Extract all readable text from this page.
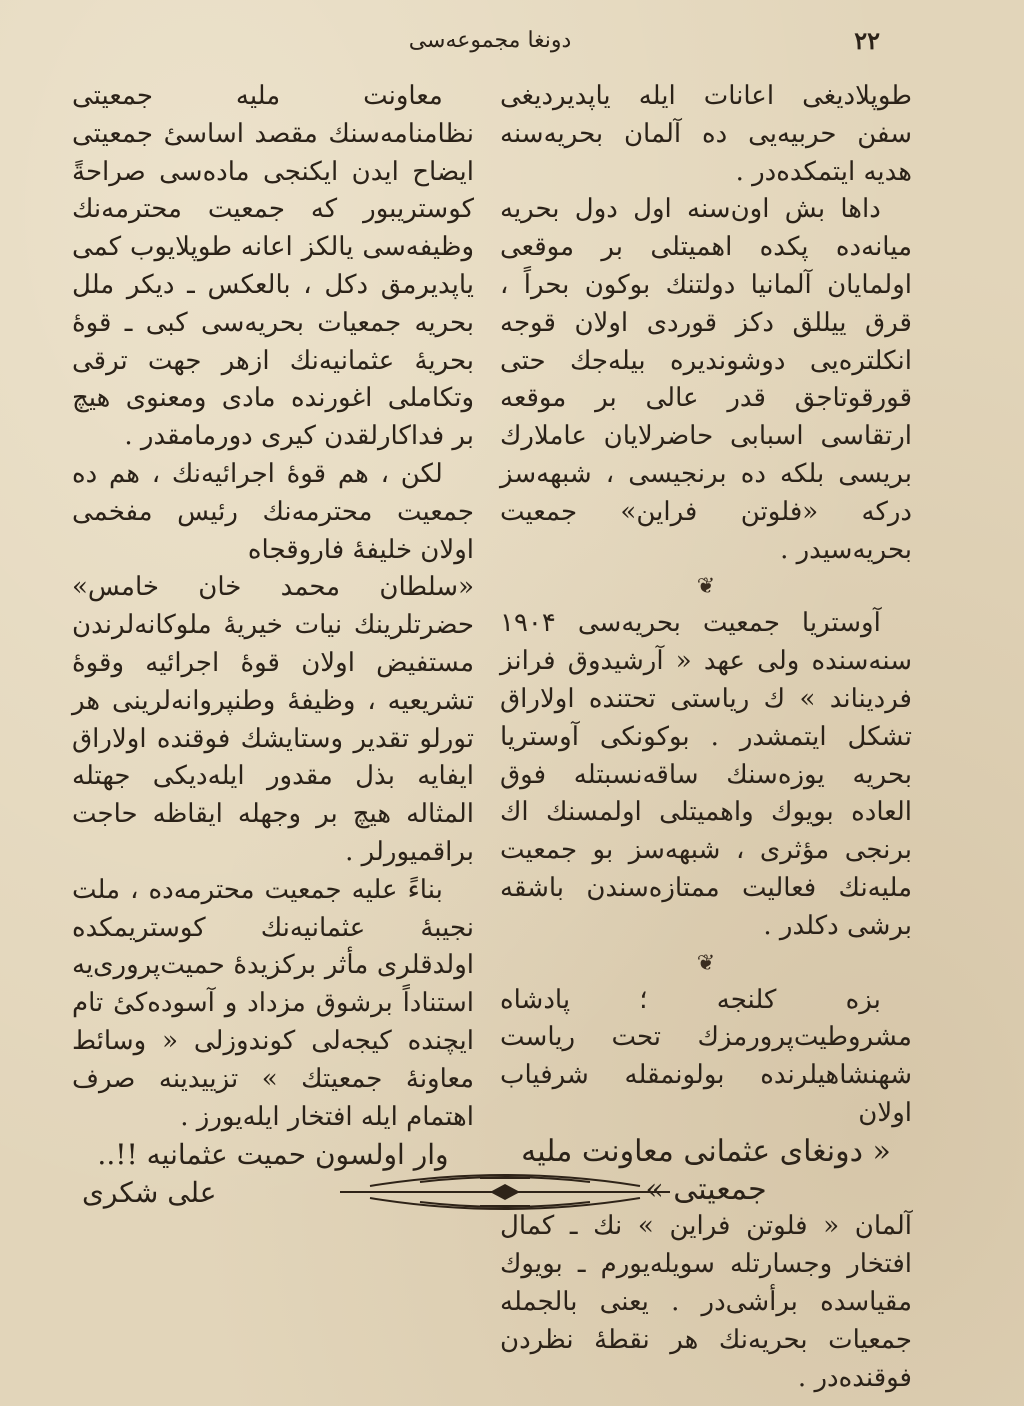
دونغا مجموعه‌سی	۲۲

طوپلادیغی اعانات ایله یاپدیردیغی سفن حربیه‌یی ده آلمان بحریه‌سنه هدیه ایتمکده‌در .

داها بش اون‌سنه اول دول بحریه میانه‌ده پکده اهمیتلی بر موقعی اولمایان آلمانیا دولتنك بوکون بحراً ، قرق ییللق دکز قوردی اولان قوجه انکلتره‌یی دوشوندیره بیله‌جك حتی قورقوتاجق قدر عالی بر موقعه ارتقاسی اسبابی حاضرلایان عاملارك بریسی بلکه ده برنجیسی ، شبهه‌سز درکه «فلوتن فراین» جمعیت بحریه‌سیدر .

❦

آوستریا جمعیت بحریه‌سی ۱۹۰۴ سنه‌سنده ولی عهد « آرشیدوق فرانز فردیناند » ك ریاستی تحتنده اولاراق تشکل ایتمشدر . بوکونکی آوستریا بحریه‌ یوزه‌سنك ساقه‌نسبتله فوق العاده بویوك واهمیتلی اولمسنك اك برنجی مؤثری ، شبهه‌سز بو جمعیت ملیه‌نك فعالیت ممتازه‌سندن باشقه برشی دکلدر .

❦

بزه کلنجه ؛ پادشاه مشروطیت‌پرورمزك تحت ریاست شهنشاهیلرنده بولونمقله شرفیاب اولان

« دونغای عثمانی معاونت ملیه جمعیتی »

آلمان « فلوتن فراین » نك ـ کمال افتخار وجسارتله سویله‌یورم ـ بویوك مقیاسده برأشی‌در . یعنی بالجمله جمعیات بحریه‌نك هر نقطهٔ نظردن فوقنده‌در .

معاونت ملیه جمعیتی نظامنامه‌سنك مقصد اساسیٔ جمعیتی ایضاح ایدن ایکنجی ماده‌سی صراحةً کوستریبور که جمعیت محترمه‌نك وظیفه‌سی یالکز اعانه طوپلایوب کمی یاپدیرمق دکل ، بالعکس ـ دیکر ملل بحریه جمعیات بحریه‌سی کبی ـ قوهٔ بحریهٔ عثمانیه‌نك ازهر جهت ترقی وتکاملی اغورنده مادی ومعنوی هیچ بر فداکارلقدن کیری دورمامقدر .

لکن ، هم قوهٔ اجرائیه‌نك ، هم ده جمعیت محترمه‌نك رئیس مفخمی اولان خلیفهٔ فاروقجاه

«سلطان محمد خان خامس» حضرتلرینك نیات خیریهٔ ملوکانه‌لرندن مستفیض اولان قوهٔ اجرائیه وقوهٔ تشریعیه ، وظیفهٔ وطنپروانه‌لرینی هر تورلو تقدیر وستایشك فوقنده اولاراق ایفایه بذل مقدور ایله‌دیکی جهتله المثاله هیچ بر وجهله ایقاظه حاجت براقمیورلر .

بناءً علیه جمعیت محترمه‌ده ، ملت نجیبهٔ عثمانیه‌نك کوستریمکده اولدقلری مأثر برکزیدهٔ حمیت‌پروری‌یه استناداً برشوق مزداد و آسوده‌کیٔ تام ایچنده کیجه‌لی کوندوزلی « وسائط معاونهٔ جمعیتك » تزییدینه صرف اهتمام ایله افتخار ایله‌یورز .

وار اولسون حمیت عثمانیه !!..

علی شکری
